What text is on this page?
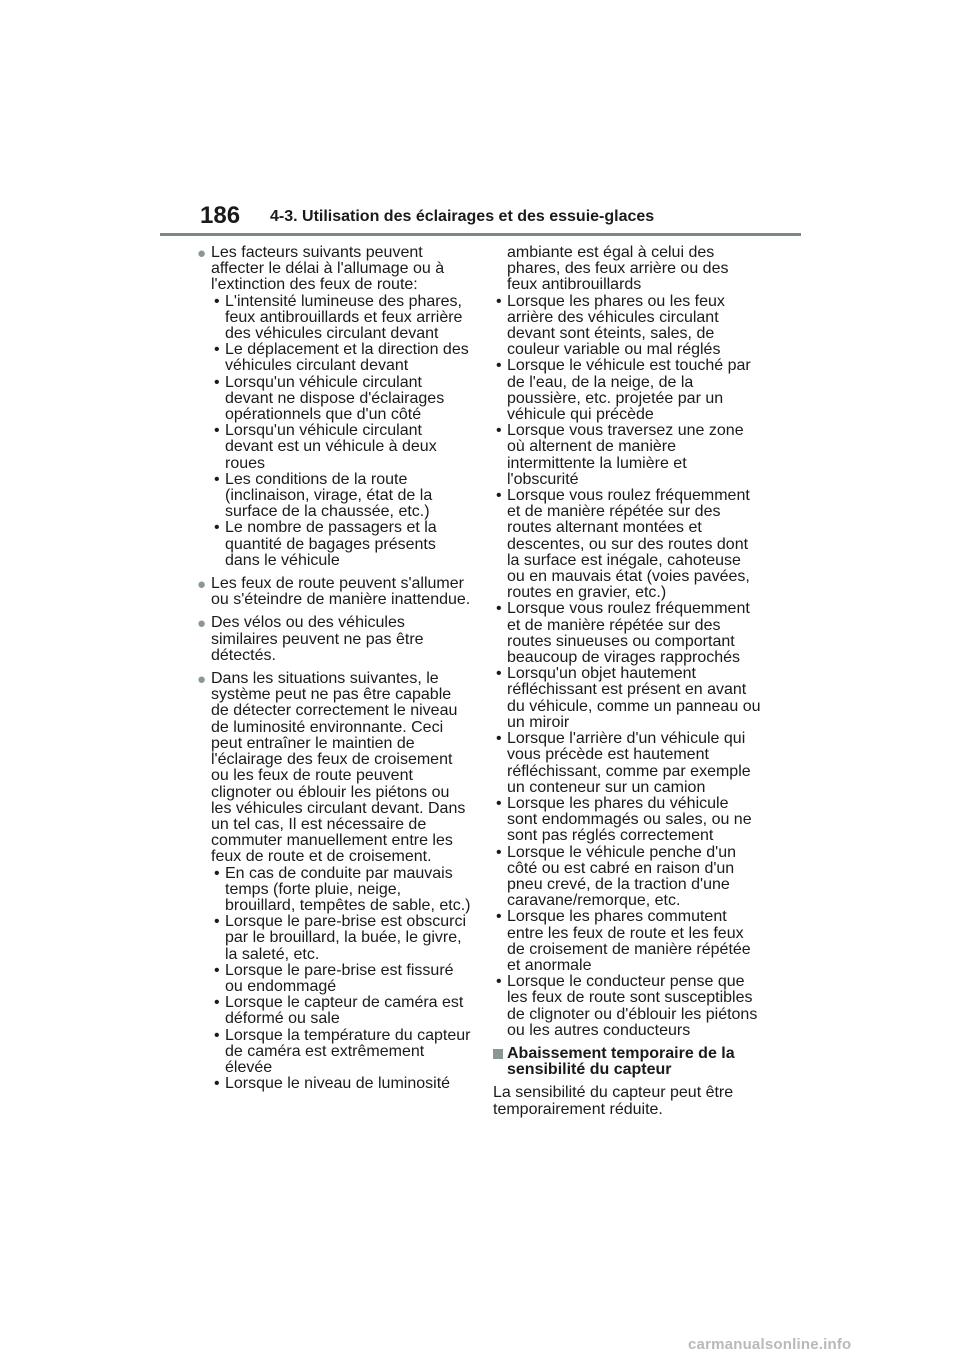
186 4-3. Utilisation des éclairages et des essuie-glaces
● Les facteurs suivants peuvent affecter le délai à l'allumage ou à l'extinction des feux de route:
• L'intensité lumineuse des phares, feux antibrouillards et feux arrière des véhicules circulant devant
• Le déplacement et la direction des véhicules circulant devant
• Lorsqu'un véhicule circulant devant ne dispose d'éclairages opérationnels que d'un côté
• Lorsqu'un véhicule circulant devant est un véhicule à deux roues
• Les conditions de la route (inclinaison, virage, état de la surface de la chaussée, etc.)
• Le nombre de passagers et la quantité de bagages présents dans le véhicule
● Les feux de route peuvent s'allumer ou s'éteindre de manière inattendue.
● Des vélos ou des véhicules similaires peuvent ne pas être détectés.
● Dans les situations suivantes, le système peut ne pas être capable de détecter correctement le niveau de luminosité environnante. Ceci peut entraîner le maintien de l'éclairage des feux de croisement ou les feux de route peuvent clignoter ou éblouir les piétons ou les véhicules circulant devant. Dans un tel cas, Il est nécessaire de commuter manuellement entre les feux de route et de croisement.
• En cas de conduite par mauvais temps (forte pluie, neige, brouillard, tempêtes de sable, etc.)
• Lorsque le pare-brise est obscurci par le brouillard, la buée, le givre, la saleté, etc.
• Lorsque le pare-brise est fissuré ou endommagé
• Lorsque le capteur de caméra est déformé ou sale
• Lorsque la température du capteur de caméra est extrêmement élevée
• Lorsque le niveau de luminosité
ambiante est égal à celui des phares, des feux arrière ou des feux antibrouillards
• Lorsque les phares ou les feux arrière des véhicules circulant devant sont éteints, sales, de couleur variable ou mal réglés
• Lorsque le véhicule est touché par de l'eau, de la neige, de la poussière, etc. projetée par un véhicule qui précède
• Lorsque vous traversez une zone où alternent de manière intermittente la lumière et l'obscurité
• Lorsque vous roulez fréquemment et de manière répétée sur des routes alternant montées et descentes, ou sur des routes dont la surface est inégale, cahoteuse ou en mauvais état (voies pavées, routes en gravier, etc.)
• Lorsque vous roulez fréquemment et de manière répétée sur des routes sinueuses ou comportant beaucoup de virages rapprochés
• Lorsqu'un objet hautement réfléchissant est présent en avant du véhicule, comme un panneau ou un miroir
• Lorsque l'arrière d'un véhicule qui vous précède est hautement réfléchissant, comme par exemple un conteneur sur un camion
• Lorsque les phares du véhicule sont endommagés ou sales, ou ne sont pas réglés correctement
• Lorsque le véhicule penche d'un côté ou est cabré en raison d'un pneu crevé, de la traction d'une caravane/remorque, etc.
• Lorsque les phares commutent entre les feux de route et les feux de croisement de manière répétée et anormale
• Lorsque le conducteur pense que les feux de route sont susceptibles de clignoter ou d'éblouir les piétons ou les autres conducteurs
Abaissement temporaire de la sensibilité du capteur

La sensibilité du capteur peut être temporairement réduite.

carmanualsonline.info
